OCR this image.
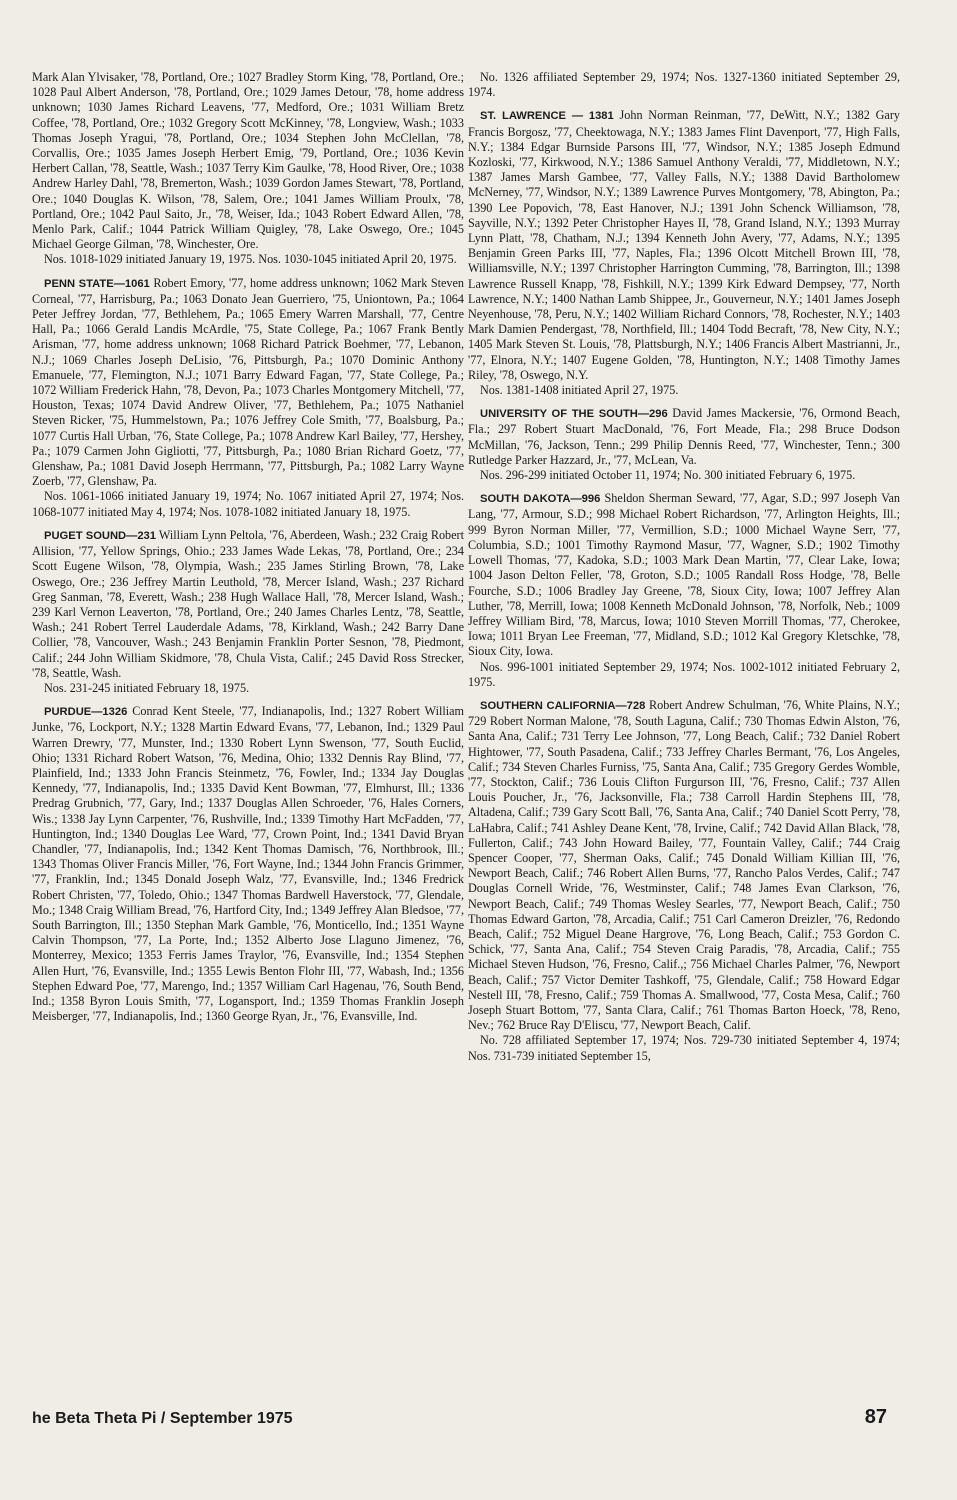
Mark Alan Ylvisaker, '78, Portland, Ore.; 1027 Bradley Storm King, '78, Portland, Ore.; 1028 Paul Albert Anderson, '78, Portland, Ore.; 1029 James Detour, '78, home address unknown; 1030 James Richard Leavens, '77, Medford, Ore.; 1031 William Bretz Coffee, '78, Portland, Ore.; 1032 Gregory Scott McKinney, '78, Longview, Wash.; 1033 Thomas Joseph Yragui, '78, Portland, Ore.; 1034 Stephen John McClellan, '78, Corvallis, Ore.; 1035 James Joseph Herbert Emig, '79, Portland, Ore.; 1036 Kevin Herbert Callan, '78, Seattle, Wash.; 1037 Terry Kim Gaulke, '78, Hood River, Ore.; 1038 Andrew Harley Dahl, '78, Bremerton, Wash.; 1039 Gordon James Stewart, '78, Portland, Ore.; 1040 Douglas K. Wilson, '78, Salem, Ore.; 1041 James William Proulx, '78, Portland, Ore.; 1042 Paul Saito, Jr., '78, Weiser, Ida.; 1043 Robert Edward Allen, '78, Menlo Park, Calif.; 1044 Patrick William Quigley, '78, Lake Oswego, Ore.; 1045 Michael George Gilman, '78, Winchester, Ore.

Nos. 1018-1029 initiated January 19, 1975. Nos. 1030-1045 initiated April 20, 1975.

PENN STATE—1061 Robert Emory, '77, home address unknown; 1062 Mark Steven Corneal, '77, Harrisburg, Pa.; 1063 Donato Jean Guerriero, '75, Uniontown, Pa.; 1064 Peter Jeffrey Jordan, '77, Bethlehem, Pa.; 1065 Emery Warren Marshall, '77, Centre Hall, Pa.; 1066 Gerald Landis McArdle, '75, State College, Pa.; 1067 Frank Bently Arisman, '77, home address unknown; 1068 Richard Patrick Boehmer, '77, Lebanon, N.J.; 1069 Charles Joseph DeLisio, '76, Pittsburgh, Pa.; 1070 Dominic Anthony Emanuele, '77, Flemington, N.J.; 1071 Barry Edward Fagan, '77, State College, Pa.; 1072 William Frederick Hahn, '78, Devon, Pa.; 1073 Charles Montgomery Mitchell, '77, Houston, Texas; 1074 David Andrew Oliver, '77, Bethlehem, Pa.; 1075 Nathaniel Steven Ricker, '75, Hummelstown, Pa.; 1076 Jeffrey Cole Smith, '77, Boalsburg, Pa.; 1077 Curtis Hall Urban, '76, State College, Pa.; 1078 Andrew Karl Bailey, '77, Hershey, Pa.; 1079 Carmen John Gigliotti, '77, Pittsburgh, Pa.; 1080 Brian Richard Goetz, '77, Glenshaw, Pa.; 1081 David Joseph Herrmann, '77, Pittsburgh, Pa.; 1082 Larry Wayne Zoerb, '77, Glenshaw, Pa.

Nos. 1061-1066 initiated January 19, 1974; No. 1067 initiated April 27, 1974; Nos. 1068-1077 initiated May 4, 1974; Nos. 1078-1082 initiated January 18, 1975.

PUGET SOUND—231 William Lynn Peltola, '76, Aberdeen, Wash.; 232 Craig Robert Allision, '77, Yellow Springs, Ohio.; 233 James Wade Lekas, '78, Portland, Ore.; 234 Scott Eugene Wilson, '78, Olympia, Wash.; 235 James Stirling Brown, '78, Lake Oswego, Ore.; 236 Jeffrey Martin Leuthold, '78, Mercer Island, Wash.; 237 Richard Greg Sanman, '78, Everett, Wash.; 238 Hugh Wallace Hall, '78, Mercer Island, Wash.; 239 Karl Vernon Leaverton, '78, Portland, Ore.; 240 James Charles Lentz, '78, Seattle, Wash.; 241 Robert Terrel Lauderdale Adams, '78, Kirkland, Wash.; 242 Barry Dane Collier, '78, Vancouver, Wash.; 243 Benjamin Franklin Porter Sesnon, '78, Piedmont, Calif.; 244 John William Skidmore, '78, Chula Vista, Calif.; 245 David Ross Strecker, '78, Seattle, Wash.

Nos. 231-245 initiated February 18, 1975.

PURDUE—1326 Conrad Kent Steele, '77, Indianapolis, Ind.; 1327 Robert William Junke, '76, Lockport, N.Y.; 1328 Martin Edward Evans, '77, Lebanon, Ind.; 1329 Paul Warren Drewry, '77, Munster, Ind.; 1330 Robert Lynn Swenson, '77, South Euclid, Ohio; 1331 Richard Robert Watson, '76, Medina, Ohio; 1332 Dennis Ray Blind, '77, Plainfield, Ind.; 1333 John Francis Steinmetz, '76, Fowler, Ind.; 1334 Jay Douglas Kennedy, '77, Indianapolis, Ind.; 1335 David Kent Bowman, '77, Elmhurst, Ill.; 1336 Predrag Grubnich, '77, Gary, Ind.; 1337 Douglas Allen Schroeder, '76, Hales Corners, Wis.; 1338 Jay Lynn Carpenter, '76, Rushville, Ind.; 1339 Timothy Hart McFadden, '77, Huntington, Ind.; 1340 Douglas Lee Ward, '77, Crown Point, Ind.; 1341 David Bryan Chandler, '77, Indianapolis, Ind.; 1342 Kent Thomas Damisch, '76, Northbrook, Ill.; 1343 Thomas Oliver Francis Miller, '76, Fort Wayne, Ind.; 1344 John Francis Grimmer, '77, Franklin, Ind.; 1345 Donald Joseph Walz, '77, Evansville, Ind.; 1346 Fredrick Robert Christen, '77, Toledo, Ohio.; 1347 Thomas Bardwell Haverstock, '77, Glendale, Mo.; 1348 Craig William Bread, '76, Hartford City, Ind.; 1349 Jeffrey Alan Bledsoe, '77, South Barrington, Ill.; 1350 Stephan Mark Gamble, '76, Monticello, Ind.; 1351 Wayne Calvin Thompson, '77, La Porte, Ind.; 1352 Alberto Jose Llaguno Jimenez, '76, Monterrey, Mexico; 1353 Ferris James Traylor, '76, Evansville, Ind.; 1354 Stephen Allen Hurt, '76, Evansville, Ind.; 1355 Lewis Benton Flohr III, '77, Wabash, Ind.; 1356 Stephen Edward Poe, '77, Marengo, Ind.; 1357 William Carl Hagenau, '76, South Bend, Ind.; 1358 Byron Louis Smith, '77, Logansport, Ind.; 1359 Thomas Franklin Joseph Meisberger, '77, Indianapolis, Ind.; 1360 George Ryan, Jr., '76, Evansville, Ind.

No. 1326 affiliated September 29, 1974; Nos. 1327-1360 initiated September 29, 1974.

ST. LAWRENCE — 1381 John Norman Reinman, '77, DeWitt, N.Y.; 1382 Gary Francis Borgosz, '77, Cheektowaga, N.Y.; 1383 James Flint Davenport, '77, High Falls, N.Y.; 1384 Edgar Burnside Parsons III, '77, Windsor, N.Y.; 1385 Joseph Edmund Kozloski, '77, Kirkwood, N.Y.; 1386 Samuel Anthony Veraldi, '77, Middletown, N.Y.; 1387 James Marsh Gambee, '77, Valley Falls, N.Y.; 1388 David Bartholomew McNerney, '77, Windsor, N.Y.; 1389 Lawrence Purves Montgomery, '78, Abington, Pa.; 1390 Lee Popovich, '78, East Hanover, N.J.; 1391 John Schenck Williamson, '78, Sayville, N.Y.; 1392 Peter Christopher Hayes II, '78, Grand Island, N.Y.; 1393 Murray Lynn Platt, '78, Chatham, N.J.; 1394 Kenneth John Avery, '77, Adams, N.Y.; 1395 Benjamin Green Parks III, '77, Naples, Fla.; 1396 Olcott Mitchell Brown III, '78, Williamsville, N.Y.; 1397 Christopher Harrington Cumming, '78, Barrington, Ill.; 1398 Lawrence Russell Knapp, '78, Fishkill, N.Y.; 1399 Kirk Edward Dempsey, '77, North Lawrence, N.Y.; 1400 Nathan Lamb Shippee, Jr., Gouverneur, N.Y.; 1401 James Joseph Neyenhouse, '78, Peru, N.Y.; 1402 William Richard Connors, '78, Rochester, N.Y.; 1403 Mark Damien Pendergast, '78, Northfield, Ill.; 1404 Todd Becraft, '78, New City, N.Y.; 1405 Mark Steven St. Louis, '78, Plattsburgh, N.Y.; 1406 Francis Albert Mastrianni, Jr., '77, Elnora, N.Y.; 1407 Eugene Golden, '78, Huntington, N.Y.; 1408 Timothy James Riley, '78, Oswego, N.Y.

Nos. 1381-1408 initiated April 27, 1975.

UNIVERSITY OF THE SOUTH—296 David James Mackersie, '76, Ormond Beach, Fla.; 297 Robert Stuart MacDonald, '76, Fort Meade, Fla.; 298 Bruce Dodson McMillan, '76, Jackson, Tenn.; 299 Philip Dennis Reed, '77, Winchester, Tenn.; 300 Rutledge Parker Hazzard, Jr., '77, McLean, Va.

Nos. 296-299 initiated October 11, 1974; No. 300 initiated February 6, 1975.

SOUTH DAKOTA—996 Sheldon Sherman Seward, '77, Agar, S.D.; 997 Joseph Van Lang, '77, Armour, S.D.; 998 Michael Robert Richardson, '77, Arlington Heights, Ill.; 999 Byron Norman Miller, '77, Vermillion, S.D.; 1000 Michael Wayne Serr, '77, Columbia, S.D.; 1001 Timothy Raymond Masur, '77, Wagner, S.D.; 1902 Timothy Lowell Thomas, '77, Kadoka, S.D.; 1003 Mark Dean Martin, '77, Clear Lake, Iowa; 1004 Jason Delton Feller, '78, Groton, S.D.; 1005 Randall Ross Hodge, '78, Belle Fourche, S.D.; 1006 Bradley Jay Greene, '78, Sioux City, Iowa; 1007 Jeffrey Alan Luther, '78, Merrill, Iowa; 1008 Kenneth McDonald Johnson, '78, Norfolk, Neb.; 1009 Jeffrey William Bird, '78, Marcus, Iowa; 1010 Steven Morrill Thomas, '77, Cherokee, Iowa; 1011 Bryan Lee Freeman, '77, Midland, S.D.; 1012 Kal Gregory Kletschke, '78, Sioux City, Iowa.

Nos. 996-1001 initiated September 29, 1974; Nos. 1002-1012 initiated February 2, 1975.

SOUTHERN CALIFORNIA—728 Robert Andrew Schulman, '76, White Plains, N.Y.; 729 Robert Norman Malone, '78, South Laguna, Calif.; 730 Thomas Edwin Alston, '76, Santa Ana, Calif.; 731 Terry Lee Johnson, '77, Long Beach, Calif.; 732 Daniel Robert Hightower, '77, South Pasadena, Calif.; 733 Jeffrey Charles Bermant, '76, Los Angeles, Calif.; 734 Steven Charles Furniss, '75, Santa Ana, Calif.; 735 Gregory Gerdes Womble, '77, Stockton, Calif.; 736 Louis Clifton Furgurson III, '76, Fresno, Calif.; 737 Allen Louis Poucher, Jr., '76, Jacksonville, Fla.; 738 Carroll Hardin Stephens III, '78, Altadena, Calif.; 739 Gary Scott Ball, '76, Santa Ana, Calif.; 740 Daniel Scott Perry, '78, LaHabra, Calif.; 741 Ashley Deane Kent, '78, Irvine, Calif.; 742 David Allan Black, '78, Fullerton, Calif.; 743 John Howard Bailey, '77, Fountain Valley, Calif.; 744 Craig Spencer Cooper, '77, Sherman Oaks, Calif.; 745 Donald William Killian III, '76, Newport Beach, Calif.; 746 Robert Allen Burns, '77, Rancho Palos Verdes, Calif.; 747 Douglas Cornell Wride, '76, Westminster, Calif.; 748 James Evan Clarkson, '76, Newport Beach, Calif.; 749 Thomas Wesley Searles, '77, Newport Beach, Calif.; 750 Thomas Edward Garton, '78, Arcadia, Calif.; 751 Carl Cameron Dreizler, '76, Redondo Beach, Calif.; 752 Miguel Deane Hargrove, '76, Long Beach, Calif.; 753 Gordon C. Schick, '77, Santa Ana, Calif.; 754 Steven Craig Paradis, '78, Arcadia, Calif.; 755 Michael Steven Hudson, '76, Fresno, Calif.,; 756 Michael Charles Palmer, '76, Newport Beach, Calif.; 757 Victor Demiter Tashkoff, '75, Glendale, Calif.; 758 Howard Edgar Nestell III, '78, Fresno, Calif.; 759 Thomas A. Smallwood, '77, Costa Mesa, Calif.; 760 Joseph Stuart Bottom, '77, Santa Clara, Calif.; 761 Thomas Barton Hoeck, '78, Reno, Nev.; 762 Bruce Ray D'Eliscu, '77, Newport Beach, Calif.

No. 728 affiliated September 17, 1974; Nos. 729-730 initiated September 4, 1974; Nos. 731-739 initiated September 15,

he Beta Theta Pi / September 1975	87
